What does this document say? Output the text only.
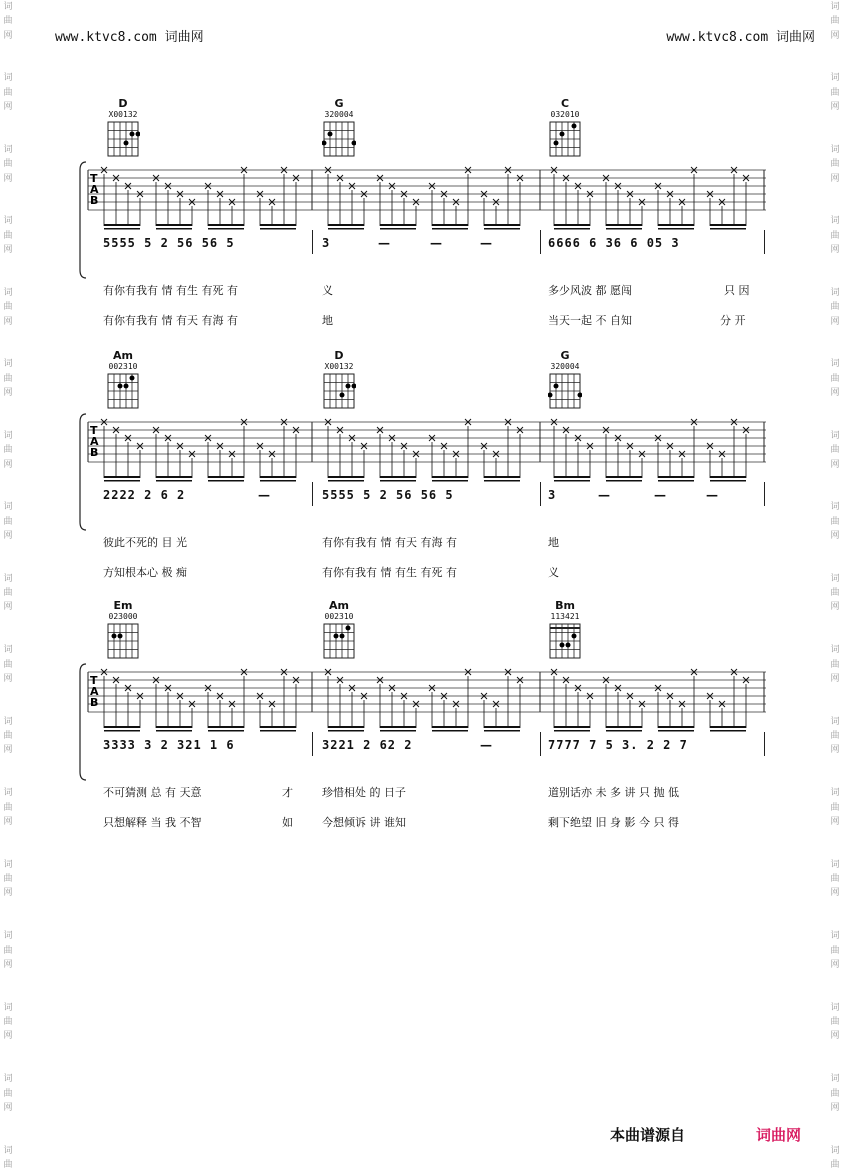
词
曲
网

词
曲
网

词
曲
网

词
曲
网

词
曲
网

词
曲
网

词
曲
网

词
曲
网

词
曲
网

词
曲
网

词
曲
网

词
曲
网

词
曲
网

词
曲
网

词
曲
网

词
曲
网

词
曲
词
曲
网

词
曲
网

词
曲
网

词
曲
网

词
曲
网

词
曲
网

词
曲
网

词
曲
网

词
曲
网

词
曲
网

词
曲
网

词
曲
网

词
曲
网

词
曲
网

词
曲
网

词
曲
网

词
曲
www.ktvc8.com 词曲网	www.ktvc8.com 词曲网
D
X00132
G
320004
C
032010
T
A
B
5555 5 2 56 56 5	3	—	—	—	6666 6 36 6 05 3
有你有我有 情 有生 有死 有	义	多少风波 都 愿闯	只 因
有你有我有 情 有天 有海 有	地	当天一起 不 自知	分 开
Am
002310
D
X00132
G
320004
T
A
B
2222 2 6 2	—	5555 5 2 56 56 5	3	—	—	—
彼此不死的 目 光	有你有我有 情 有天 有海 有	地
方知根本心 极 痴	有你有我有 情 有生 有死 有	义
Em
023000
Am
002310
Bm
113421
T
A
B
3333 3 2 321 1 6	3221 2 62 2	—	7777 7 5 3. 2 2 7
不可猜测 总 有 天意	才	珍惜相处 的 日子	道别话亦 未 多 讲 只 抛 低
只想解释 当 我 不智	如	今想倾诉 讲 谁知	剩下绝望 旧 身 影 今 只 得
本曲谱源自	词曲网
